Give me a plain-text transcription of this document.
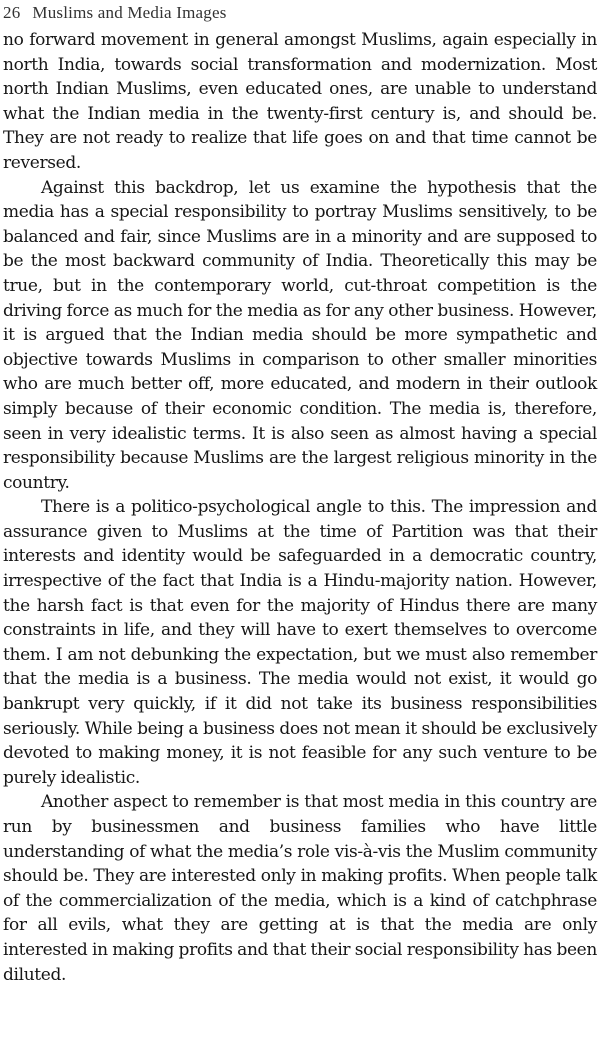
26 Muslims and Media Images

no forward movement in general amongst Muslims, again especially in north India, towards social transformation and modernization. Most north Indian Muslims, even educated ones, are unable to understand what the Indian media in the twenty-first century is, and should be. They are not ready to realize that life goes on and that time cannot be reversed.

Against this backdrop, let us examine the hypothesis that the media has a special responsibility to portray Muslims sensitively, to be balanced and fair, since Muslims are in a minority and are supposed to be the most backward community of India. Theoretically this may be true, but in the contemporary world, cut-throat competition is the driving force as much for the media as for any other business. However, it is argued that the Indian media should be more sympathetic and objective towards Muslims in comparison to other smaller minorities who are much better off, more educated, and modern in their outlook simply because of their economic condition. The media is, therefore, seen in very idealistic terms. It is also seen as almost having a special responsibility because Muslims are the largest religious minority in the country.

There is a politico-psychological angle to this. The impression and assurance given to Muslims at the time of Partition was that their interests and identity would be safeguarded in a democratic country, irrespective of the fact that India is a Hindu-majority nation. However, the harsh fact is that even for the majority of Hindus there are many constraints in life, and they will have to exert themselves to overcome them. I am not debunking the expectation, but we must also remember that the media is a business. The media would not exist, it would go bankrupt very quickly, if it did not take its business responsibilities seriously. While being a business does not mean it should be exclusively devoted to making money, it is not feasible for any such venture to be purely idealistic.

Another aspect to remember is that most media in this country are run by businessmen and business families who have little understanding of what the media’s role vis-à-vis the Muslim community should be. They are interested only in making profits. When people talk of the commercialization of the media, which is a kind of catchphrase for all evils, what they are getting at is that the media are only interested in making profits and that their social responsibility has been diluted.
